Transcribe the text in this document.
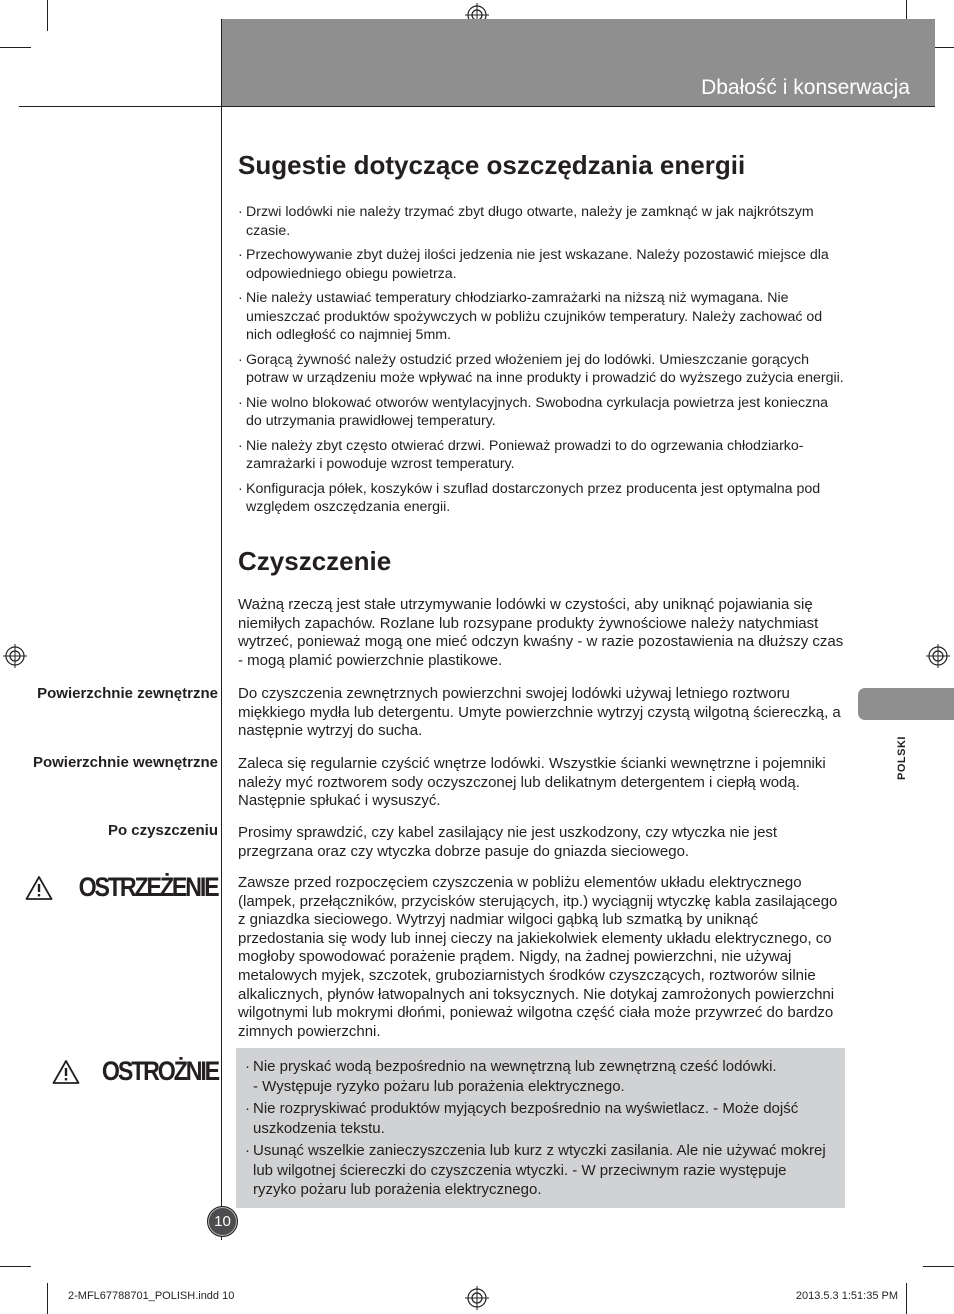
Dbałość i konserwacja
Sugestie dotyczące oszczędzania energii
· Drzwi lodówki nie należy trzymać zbyt długo otwarte, należy je zamknąć w jak najkrótszym czasie.
· Przechowywanie zbyt dużej ilości jedzenia nie jest wskazane. Należy pozostawić miejsce dla odpowiedniego obiegu powietrza.
· Nie należy ustawiać temperatury chłodziarko-zamrażarki na niższą niż wymagana. Nie umieszczać produktów spożywczych w pobliżu czujników temperatury. Należy zachować od nich odległość co najmniej 5mm.
· Gorącą żywność należy ostudzić przed włożeniem jej do lodówki. Umieszczanie gorących potraw w urządzeniu może wpływać na inne produkty i prowadzić do wyższego zużycia energii.
· Nie wolno blokować otworów wentylacyjnych. Swobodna cyrkulacja powietrza jest konieczna do utrzymania prawidłowej temperatury.
· Nie należy zbyt często otwierać drzwi. Ponieważ prowadzi to do ogrzewania chłodziarko-zamrażarki i powoduje wzrost temperatury.
· Konfiguracja półek, koszyków i szuflad dostarczonych przez producenta jest optymalna pod względem oszczędzania energii.
Czyszczenie
Ważną rzeczą jest stałe utrzymywanie lodówki w czystości, aby uniknąć pojawiania się niemiłych zapachów. Rozlane lub rozsypane produkty żywnościowe należy natychmiast wytrzeć, ponieważ mogą one mieć odczyn kwaśny - w razie pozostawienia na dłuższy czas - mogą plamić powierzchnie plastikowe.
Powierzchnie zewnętrzne Do czyszczenia zewnętrznych powierzchni swojej lodówki używaj letniego roztworu miękkiego mydła lub detergentu. Umyte powierzchnie wytrzyj czystą wilgotną ściereczką, a następnie wytrzyj do sucha.
Powierzchnie wewnętrzne Zaleca się regularnie czyścić wnętrze lodówki. Wszystkie ścianki wewnętrzne i pojemniki należy myć roztworem sody oczyszczonej lub delikatnym detergentem i ciepłą wodą. Następnie spłukać i wysuszyć.
Po czyszczeniu Prosimy sprawdzić, czy kabel zasilający nie jest uszkodzony, czy wtyczka nie jest przegrzana oraz czy wtyczka dobrze pasuje do gniazda sieciowego.
OSTRZEŻENIE Zawsze przed rozpoczęciem czyszczenia w pobliżu elementów układu elektrycznego (lampek, przełączników, przycisków sterujących, itp.) wyciągnij wtyczkę kabla zasilającego z gniazdka sieciowego. Wytrzyj nadmiar wilgoci gąbką lub szmatką by uniknąć przedostania się wody lub innej cieczy na jakiekolwiek elementy układu elektrycznego, co mogłoby spowodować porażenie prądem. Nigdy, na żadnej powierzchni, nie używaj metalowych myjek, szczotek, gruboziarnistych środków czyszczących, roztworów silnie alkalicznych, płynów łatwopalnych ani toksycznych. Nie dotykaj zamrożonych powierzchni wilgotnymi lub mokrymi dłońmi, ponieważ wilgotna część ciała może przywrzeć do bardzo zimnych powierzchni.
OSTROŻNIE
· Nie pryskać wodą bezpośrednio na wewnętrzną lub zewnętrzną cześć lodówki.
- Występuje ryzyko pożaru lub porażenia elektrycznego.
· Nie rozpryskiwać produktów myjących bezpośrednio na wyświetlacz. - Może dojść uszkodzenia tekstu.
· Usunąć wszelkie zanieczyszczenia lub kurz z wtyczki zasilania. Ale nie używać mokrej lub wilgotnej ściereczki do czyszczenia wtyczki. - W przeciwnym razie występuje ryzyko pożaru lub porażenia elektrycznego.
POLSKI
10
2-MFL67788701_POLISH.indd 10	2013.5.3 1:51:35 PM
